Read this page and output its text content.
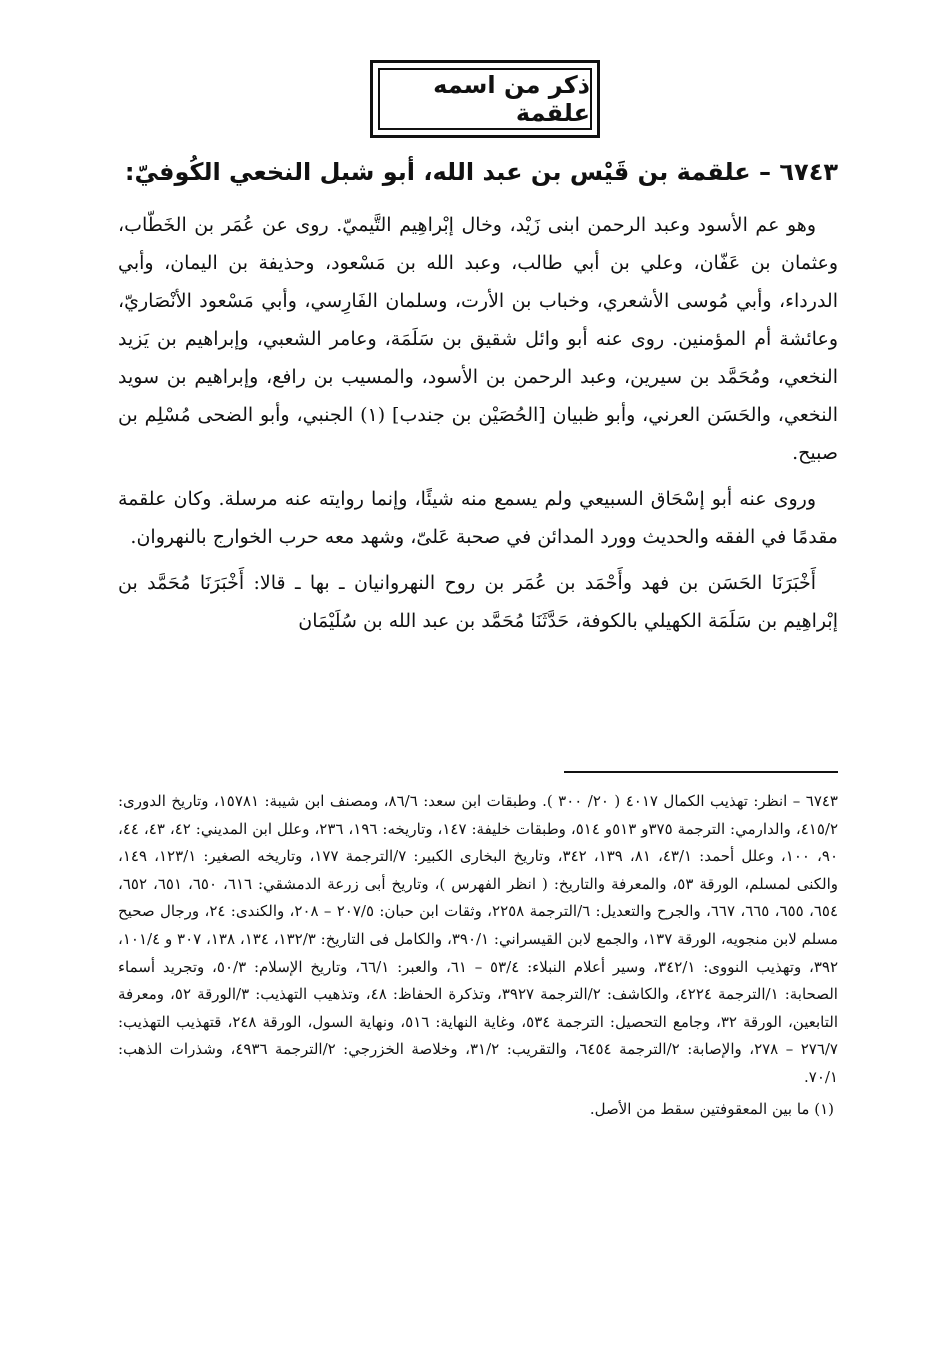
ذكر من اسمه علقمة
٦٧٤٣ – علقمة بن قَيْس بن عبد الله، أبو شبل النخعي الكُوفيّ:

وهو عم الأسود وعبد الرحمن ابنى زَيْد، وخال إبْراهِيم التَّيميّ. روى عن عُمَر بن الخَطّاب، وعثمان بن عَفّان، وعلي بن أبي طالب، وعبد الله بن مَسْعود، وحذيفة بن اليمان، وأبي الدرداء، وأبي مُوسى الأشعري، وخباب بن الأرت، وسلمان الفَارِسي، وأبي مَسْعود الأنْصَاريّ، وعائشة أم المؤمنين. روى عنه أبو وائل شقيق بن سَلَمَة، وعامر الشعبي، وإبراهيم بن يَزيد النخعي، ومُحَمَّد بن سيرين، وعبد الرحمن بن الأسود، والمسيب بن رافع، وإبراهيم بن سويد النخعي، والحَسَن العرني، وأبو ظبيان [الحُصَيْن بن جندب] (١) الجنبي، وأبو الضحى مُسْلِم بن صبيح.

وروى عنه أبو إسْحَاق السبيعي ولم يسمع منه شيئًا، وإنما روايته عنه مرسلة. وكان علقمة مقدمًا في الفقه والحديث وورد المدائن في صحبة عَلىّ، وشهد معه حرب الخوارج بالنهروان.

أَخْبَرَنَا الحَسَن بن فهد وأَحْمَد بن عُمَر بن روح النهروانيان ـ بها ـ قالا: أَخْبَرَنَا مُحَمَّد بن إبْراهِيم بن سَلَمَة الكهيلي بالكوفة، حَدَّثَنَا مُحَمَّد بن عبد الله بن سُلَيْمَان

٦٧٤٣ – انظر: تهذيب الكمال ٤٠١٧ ( ٢٠/ ٣٠٠ ). وطبقات ابن سعد: ٨٦/٦، ومصنف ابن شيبة: ١٥٧٨١، وتاريخ الدورى: ٤١٥/٢، والدارمي: الترجمة ٣٧٥و ٥١٣و ٥١٤، وطبقات خليفة: ١٤٧، وتاريخه: ١٩٦، ٢٣٦، وعلل ابن المديني: ٤٢، ٤٣، ٤٤، ٩٠، ١٠٠، وعلل أحمد: ٤٣/١، ٨١، ١٣٩، ٣٤٢، وتاريخ البخارى الكبير: ٧/الترجمة ١٧٧، وتاريخه الصغير: ١٢٣/١، ١٤٩، والكنى لمسلم، الورقة ٥٣، والمعرفة والتاريخ: ( انظر الفهرس )، وتاريخ أبى زرعة الدمشقي: ٦١٦، ٦٥٠، ٦٥١، ٦٥٢، ٦٥٤، ٦٥٥، ٦٦٥، ٦٦٧، والجرح والتعديل: ٦/الترجمة ٢٢٥٨، وثقات ابن حبان: ٢٠٧/٥ – ٢٠٨، والكندى: ٢٤، ورجال صحيح مسلم لابن منجويه، الورقة ١٣٧، والجمع لابن القيسراني: ٣٩٠/١، والكامل فى التاريخ: ١٣٢/٣، ١٣٤، ١٣٨، ٣٠٧ و ١٠١/٤، ٣٩٢، وتهذيب النووى: ٣٤٢/١، وسير أعلام النبلاء: ٥٣/٤ – ٦١، والعبر: ٦٦/١، وتاريخ الإسلام: ٥٠/٣، وتجريد أسماء الصحابة: ١/الترجمة ٤٢٢٤، والكاشف: ٢/الترجمة ٣٩٢٧، وتذكرة الحفاظ: ٤٨، وتذهيب التهذيب: ٣/الورقة ٥٢، ومعرفة التابعين، الورقة ٣٢، وجامع التحصيل: الترجمة ٥٣٤، وغاية النهاية: ٥١٦، ونهاية السول، الورقة ٢٤٨، قتهذيب التهذيب: ٢٧٦/٧ – ٢٧٨، والإصابة: ٢/الترجمة ٦٤٥٤، والتقريب: ٣١/٢، وخلاصة الخزرجي: ٢/الترجمة ٤٩٣٦، وشذرات الذهب: ٧٠/١.

(١) ما بين المعقوفتين سقط من الأصل.
